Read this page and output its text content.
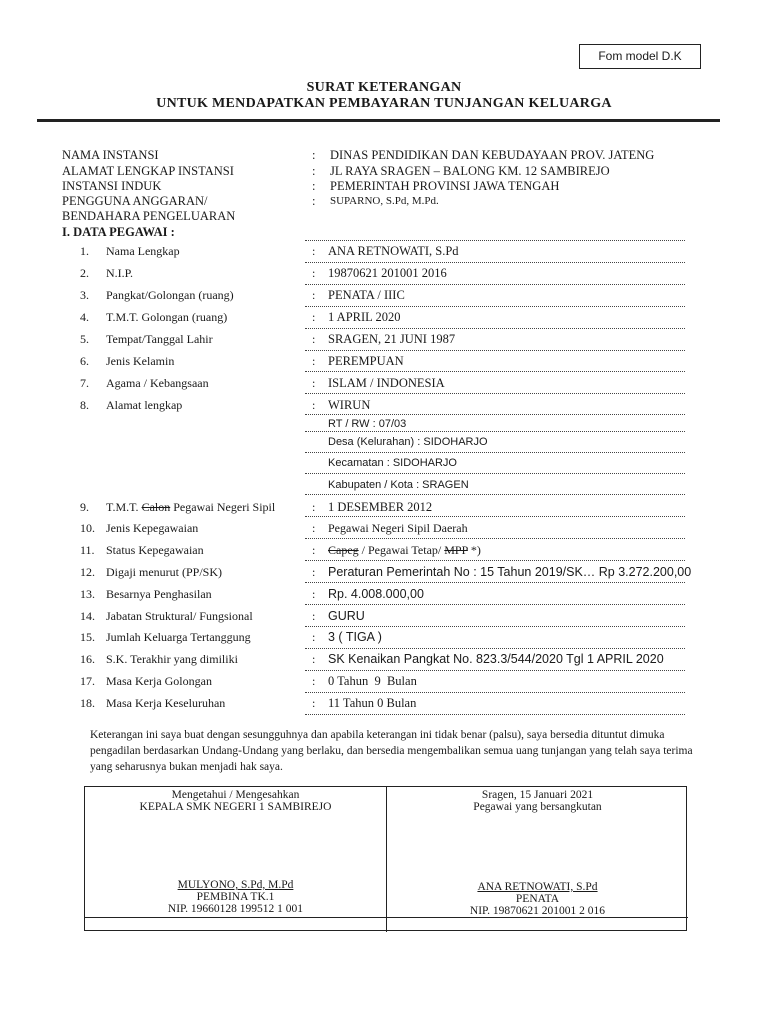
Fom model D.K
SURAT KETERANGAN
UNTUK MENDAPATKAN PEMBAYARAN TUNJANGAN KELUARGA
NAMA INSTANSI	: DINAS PENDIDIKAN DAN KEBUDAYAAN PROV. JATENG
ALAMAT LENGKAP INSTANSI	: JL RAYA SRAGEN – BALONG KM. 12 SAMBIREJO
INSTANSI INDUK	: PEMERINTAH PROVINSI JAWA TENGAH
PENGGUNA ANGGARAN/
BENDAHARA PENGELUARAN
: SUPARNO, S.Pd, M.Pd.
I. DATA PEGAWAI :
1.	Nama Lengkap	: ANA RETNOWATI, S.Pd
2.	N.I.P.	: 19870621 201001 2016
3.	Pangkat/Golongan (ruang)	: PENATA / IIIC
4.	T.M.T. Golongan (ruang)	: 1 APRIL 2020
5.	Tempat/Tanggal Lahir	: SRAGEN, 21 JUNI 1987
6.	Jenis Kelamin	: PEREMPUAN
7.	Agama / Kebangsaan	: ISLAM / INDONESIA
8.	Alamat lengkap	: WIRUN
RT / RW : 07/03
Desa (Kelurahan) : SIDOHARJO
Kecamatan : SIDOHARJO
Kabupaten / Kota : SRAGEN
9.	T.M.T. Calon Pegawai Negeri Sipil	: 1 DESEMBER 2012
10. Jenis Kepegawaian	: Pegawai Negeri Sipil Daerah
11. Status Kepegawaian	: Capeg / Pegawai Tetap/ MPP *)
12. Digaji menurut (PP/SK)	: Peraturan Pemerintah No : 15 Tahun 2019/SK… Rp 3.272.200,00
13. Besarnya Penghasilan	: Rp. 4.008.000,00
14. Jabatan Struktural/ Fungsional	: GURU
15. Jumlah Keluarga Tertanggung	: 3 ( TIGA )
16. S.K. Terakhir yang dimiliki	: SK Kenaikan Pangkat No. 823.3/544/2020 Tgl 1 APRIL 2020
17. Masa Kerja Golongan	: 0 Tahun  9  Bulan
18. Masa Kerja Keseluruhan	: 11 Tahun 0 Bulan
Keterangan ini saya buat dengan sesungguhnya dan apabila keterangan ini tidak benar (palsu), saya bersedia dituntut dimuka pengadilan berdasarkan Undang-Undang yang berlaku, dan bersedia mengembalikan semua uang tunjangan yang telah saya terima yang seharusnya bukan menjadi hak saya.
Mengetahui / Mengesahkan
KEPALA SMK NEGERI 1 SAMBIREJO
MULYONO, S.Pd, M.Pd
PEMBINA TK.1
NIP. 19660128 199512 1 001
Sragen, 15 Januari 2021
Pegawai yang bersangkutan
ANA RETNOWATI, S.Pd
PENATA
NIP. 19870621 201001 2 016
